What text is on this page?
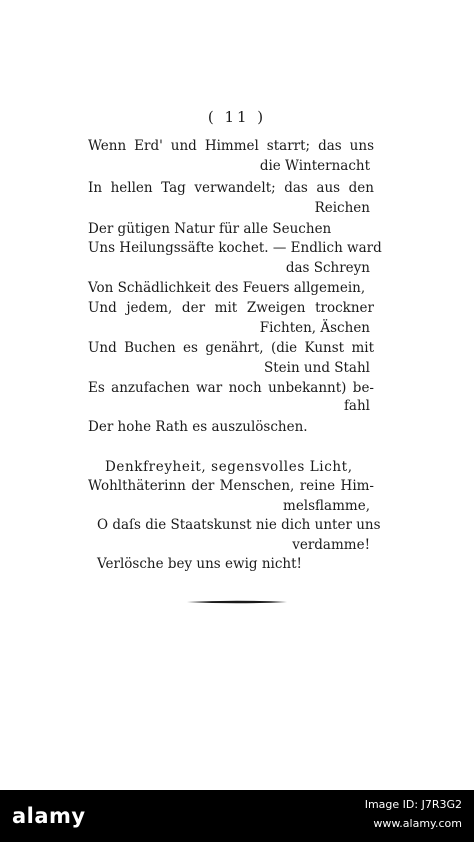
( 11 )
Wenn Erd' und Himmel starrt; das uns
die Winternacht
In hellen Tag verwandelt; das aus den
Reichen
Der gütigen Natur für alle Seuchen
Uns Heilungssäfte kochet. — Endlich ward
das Schreyn
Von Schädlichkeit des Feuers allgemein,
Und jedem, der mit Zweigen trockner
Fichten, Äschen
Und Buchen es genährt, (die Kunst mit
Stein und Stahl
Es anzufachen war noch unbekannt) be-
fahl
Der hohe Rath es auszulöschen.
Denkfreyheit, segensvolles Licht,
Wohlthäterinn der Menschen, reine Him-
melsflamme,
O daſs die Staatskunst nie dich unter uns
verdamme!
Verlösche bey uns ewig nicht!
alamy	Image ID: J7R3G2
www.alamy.com
